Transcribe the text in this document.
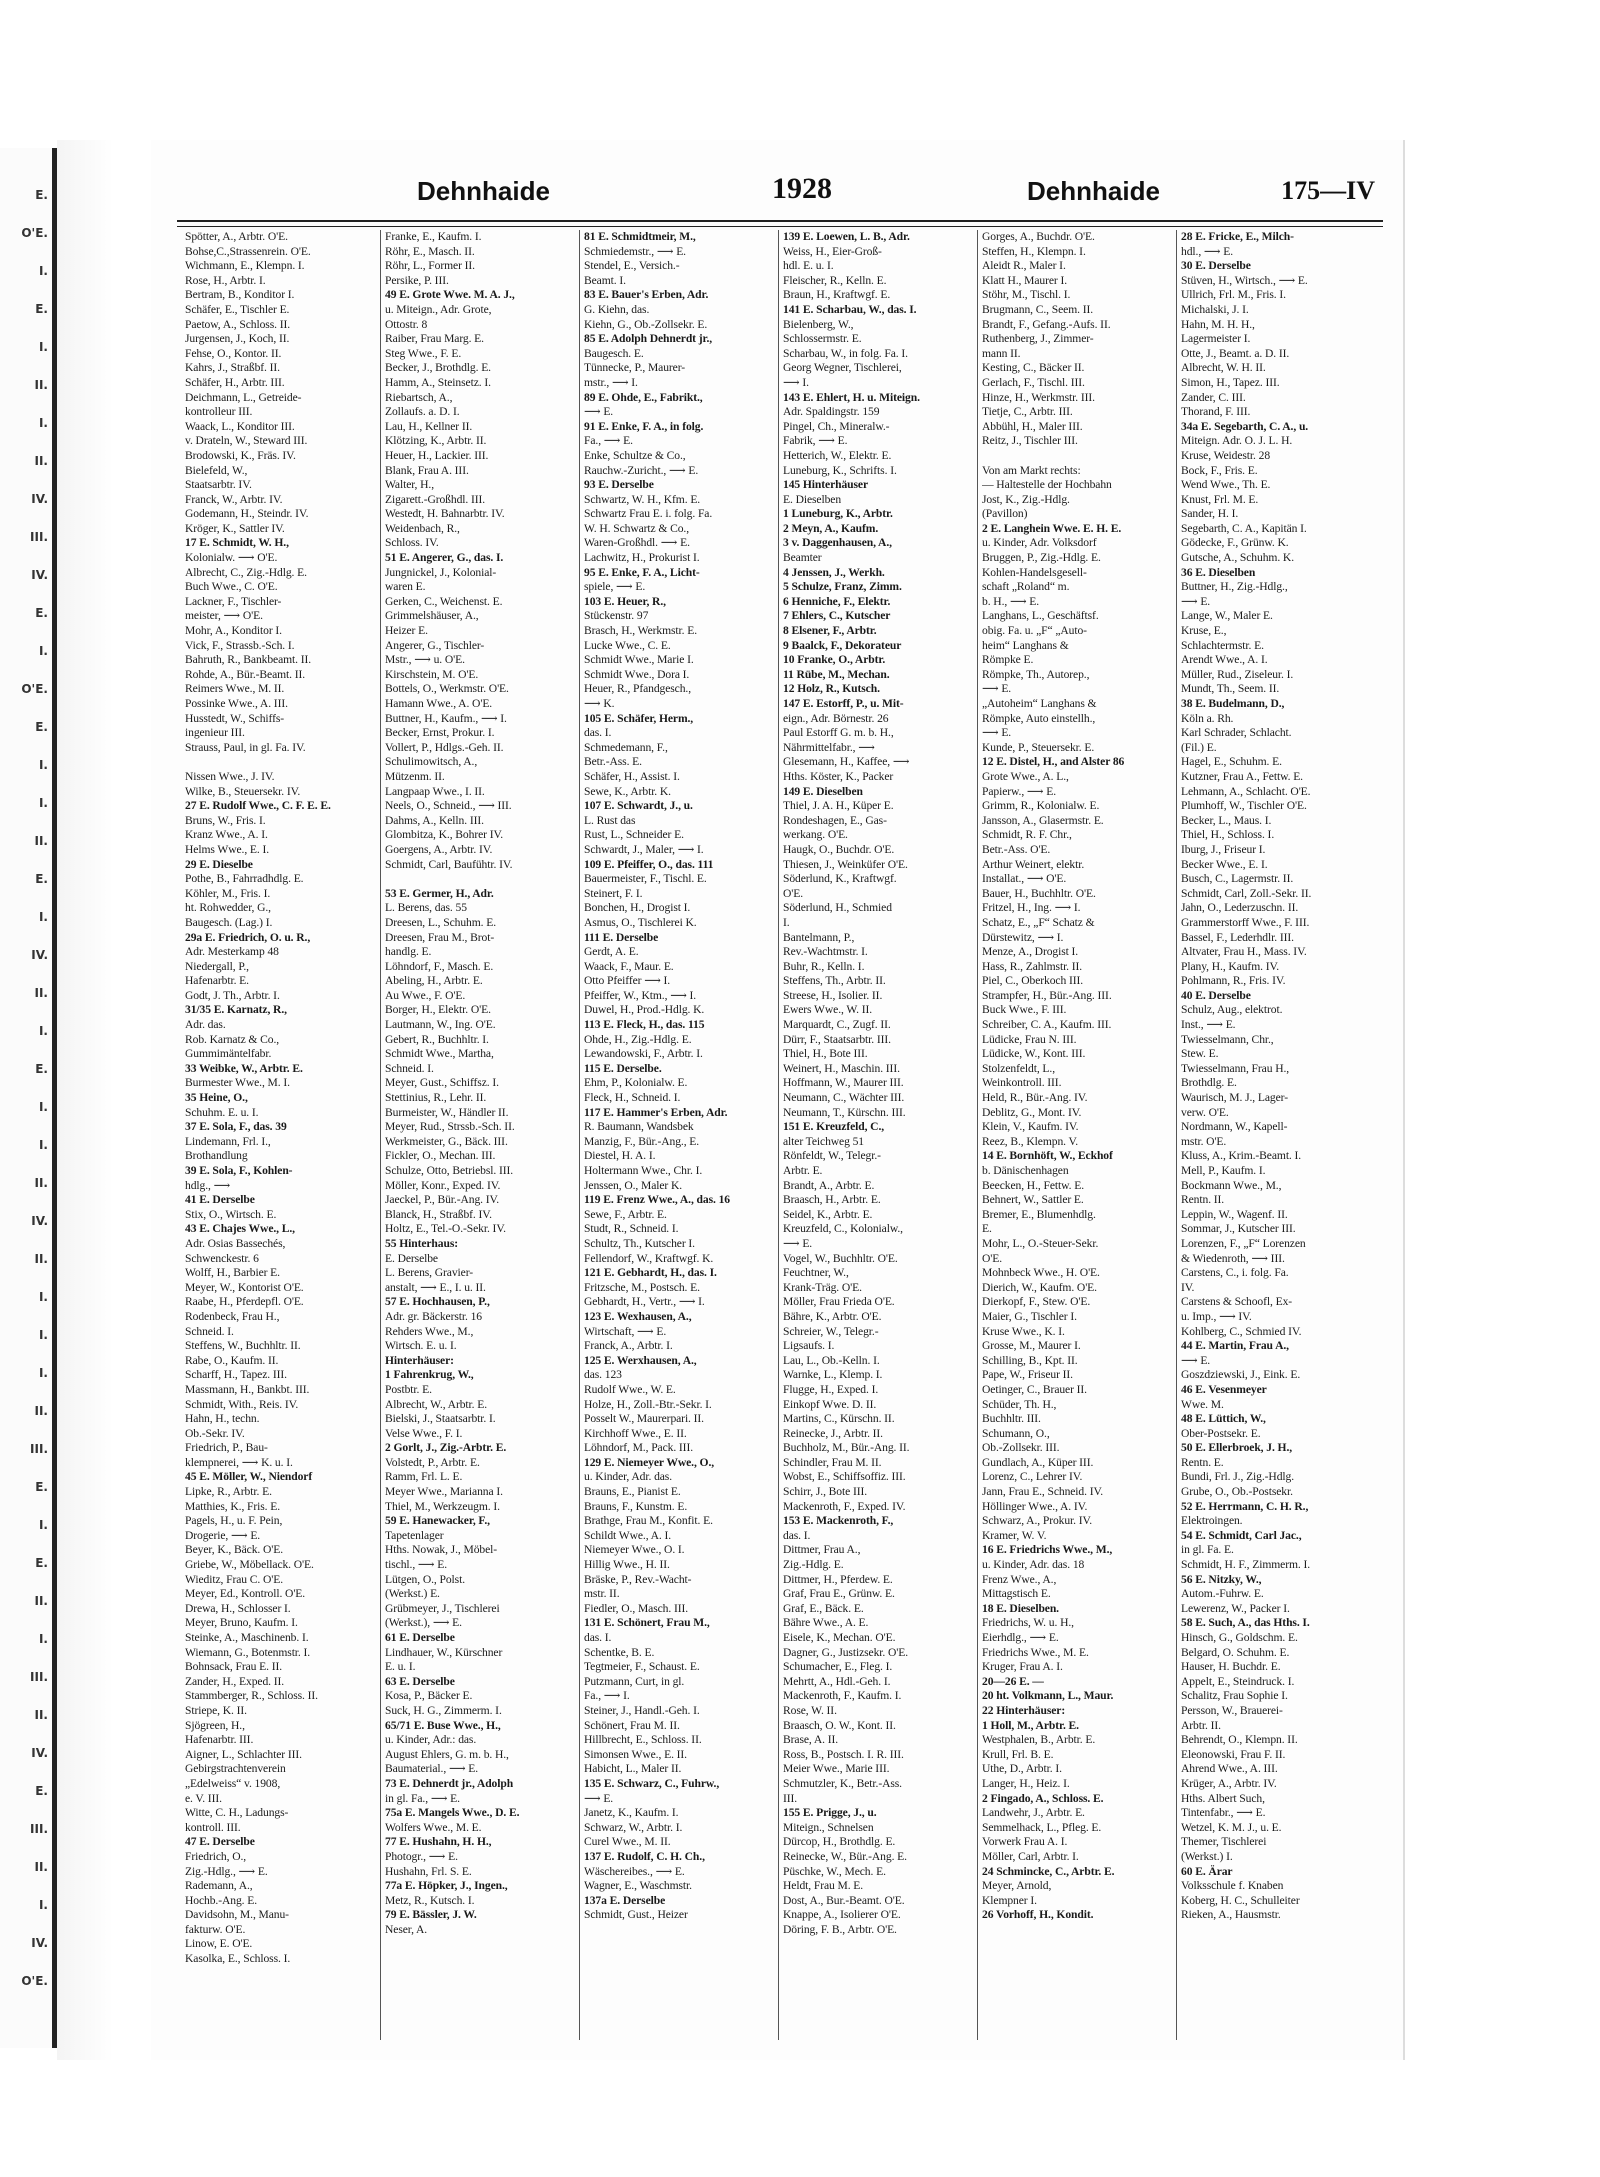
E.
O'E.
I.
E.
I.
II.
I.
II.
IV.
III.
IV.
E.
I.
O'E.
E.
I.
I.
II.
E.
I.
IV.
II.
I.
E.
I.
I.
II.
IV.
II.
I.
I.
I.
II.
III.
E.
I.
E.
II.
I.
III.
II.
IV.
E.
III.
II.
I.
IV.
O'E.
Dehnhaide	1928	Dehnhaide	175—IV
Spötter, A., Arbtr. O'E.
Bohse,C.,Strassenrein. O'E.
Wichmann, E., Klempn. I.
Rose, H., Arbtr. I.
Bertram, B., Konditor I.
Schäfer, E., Tischler E.
Paetow, A., Schloss. II.
Jurgensen, J., Koch, II.
Fehse, O., Kontor. II.
Kahrs, J., Straßbf. II.
Schäfer, H., Arbtr. III.
Deichmann, L., Getreide-
kontrolleur III.
Waack, L., Konditor III.
v. Drateln, W., Steward III.
Brodowski, K., Fräs. IV.
Bielefeld, W.,
Staatsarbtr. IV.
Franck, W., Arbtr. IV.
Godemann, H., Steindr. IV.
Kröger, K., Sattler IV.
17 E. Schmidt, W. H.,
Kolonialw. ⟶ O'E.
Albrecht, C., Zig.-Hdlg. E.
Buch Wwe., C. O'E.
Lackner, F., Tischler-
meister, ⟶ O'E.
Mohr, A., Konditor I.
Vick, F., Strassb.-Sch. I.
Bahruth, R., Bankbeamt. II.
Rohde, A., Bür.-Beamt. II.
Reimers Wwe., M. II.
Possinke Wwe., A. III.
Husstedt, W., Schiffs-
ingenieur III.
Strauss, Paul, in gl. Fa. IV.

Nissen Wwe., J. IV.
Wilke, B., Steuersekr. IV.
27 E. Rudolf Wwe., C. F. E. E.
Bruns, W., Fris. I.
Kranz Wwe., A. I.
Helms Wwe., E. I.
29 E. Dieselbe
Pothe, B., Fahrradhdlg. E.
Köhler, M., Fris. I.
ht. Rohwedder, G.,
Baugesch. (Lag.) I.
29a E. Friedrich, O. u. R.,
Adr. Mesterkamp 48
Niedergall, P.,
Hafenarbtr. E.
Godt, J. Th., Arbtr. I.
31/35 E. Karnatz, R.,
Adr. das.
Rob. Karnatz & Co.,
Gummimäntelfabr.
33 Weibke, W., Arbtr. E.
Burmester Wwe., M. I.
35 Heine, O.,
Schuhm. E. u. I.
37 E. Sola, F., das. 39
Lindemann, Frl. I.,
Brothandlung
39 E. Sola, F., Kohlen-
hdlg., ⟶
41 E. Derselbe
Stix, O., Wirtsch. E.
43 E. Chajes Wwe., L.,
Adr. Osias Bassechés,
Schwenckestr. 6
Wolff, H., Barbier E.
Meyer, W., Kontorist O'E.
Raabe, H., Pferdepfl. O'E.
Rodenbeck, Frau H.,
Schneid. I.
Steffens, W., Buchhltr. II.
Rabe, O., Kaufm. II.
Scharff, H., Tapez. III.
Massmann, H., Bankbt. III.
Schmidt, With., Reis. IV.
Hahn, H., techn.
Ob.-Sekr. IV.
Friedrich, P., Bau-
klempnerei, ⟶ K. u. I.
45 E. Möller, W., Niendorf
Lipke, R., Arbtr. E.
Matthies, K., Fris. E.
Pagels, H., u. F. Pein,
Drogerie, ⟶ E.
Beyer, K., Bäck. O'E.
Griebe, W., Möbellack. O'E.
Wieditz, Frau C. O'E.
Meyer, Ed., Kontroll. O'E.
Drewa, H., Schlosser I.
Meyer, Bruno, Kaufm. I.
Steinke, A., Maschinenb. I.
Wiemann, G., Botenmstr. I.
Bohnsack, Frau E. II.
Zander, H., Exped. II.
Stammberger, R., Schloss. II.
Striepe, K. II.
Sjögreen, H.,
Hafenarbtr. III.
Aigner, L., Schlachter III.
Gebirgstrachtenverein
„Edelweiss“ v. 1908,
e. V. III.
Witte, C. H., Ladungs-
kontroll. III.
47 E. Derselbe
Friedrich, O.,
Zig.-Hdlg., ⟶ E.
Rademann, A.,
Hochb.-Ang. E.
Davidsohn, M., Manu-
fakturw. O'E.
Linow, E. O'E.
Kasolka, E., Schloss. I.
Franke, E., Kaufm. I.
Röhr, E., Masch. II.
Röhr, L., Former II.
Persike, P. III.
49 E. Grote Wwe. M. A. J.,
u. Miteign., Adr. Grote,
Ottostr. 8
Raiber, Frau Marg. E.
Steg Wwe., F. E.
Becker, J., Brothdlg. E.
Hamm, A., Steinsetz. I.
Riebartsch, A.,
Zollaufs. a. D. I.
Lau, H., Kellner II.
Klötzing, K., Arbtr. II.
Heuer, H., Lackier. III.
Blank, Frau A. III.
Walter, H.,
Zigarett.-Großhdl. III.
Westedt, H. Bahnarbtr. IV.
Weidenbach, R.,
Schloss. IV.
51 E. Angerer, G., das. I.
Jungnickel, J., Kolonial-
waren E.
Gerken, C., Weichenst. E.
Grimmelshäuser, A.,
Heizer E.
Angerer, G., Tischler-
Mstr., ⟶ u. O'E.
Kirschstein, M. O'E.
Bottels, O., Werkmstr. O'E.
Hamann Wwe., A. O'E.
Buttner, H., Kaufm., ⟶ I.
Becker, Ernst, Prokur. I.
Vollert, P., Hdlgs.-Geh. II.
Schulimowitsch, A.,
Mützenm. II.
Langpaap Wwe., I. II.
Neels, O., Schneid., ⟶ III.
Dahms, A., Kelln. III.
Glombitza, K., Bohrer IV.
Goergens, A., Arbtr. IV.
Schmidt, Carl, Baufühtr. IV.

53 E. Germer, H., Adr.
L. Berens, das. 55
Dreesen, L., Schuhm. E.
Dreesen, Frau M., Brot-
handlg. E.
Löhndorf, F., Masch. E.
Abeling, H., Arbtr. E.
Au Wwe., F. O'E.
Borger, H., Elektr. O'E.
Lautmann, W., Ing. O'E.
Gebert, R., Buchhltr. I.
Schmidt Wwe., Martha,
Schneid. I.
Meyer, Gust., Schiffsz. I.
Stettinius, R., Lehr. II.
Burmeister, W., Händler II.
Meyer, Rud., Strssb.-Sch. II.
Werkmeister, G., Bäck. III.
Fickler, O., Mechan. III.
Schulze, Otto, Betriebsl. III.
Möller, Konr., Exped. IV.
Jaeckel, P., Bür.-Ang. IV.
Blanck, H., Straßbf. IV.
Holtz, E., Tel.-O.-Sekr. IV.
55 Hinterhaus:
E. Derselbe
L. Berens, Gravier-
anstalt, ⟶ E., I. u. II.
57 E. Hochhausen, P.,
Adr. gr. Bäckerstr. 16
Rehders Wwe., M.,
Wirtsch. E. u. I.
Hinterhäuser:
1 Fahrenkrug, W.,
Postbtr. E.
Albrecht, W., Arbtr. E.
Bielski, J., Staatsarbtr. I.
Velse Wwe., F. I.
2 Gorlt, J., Zig.-Arbtr. E.
Volstedt, P., Arbtr. E.
Ramm, Frl. L. E.
Meyer Wwe., Marianna I.
Thiel, M., Werkzeugm. I.
59 E. Hanewacker, F.,
Tapetenlager
Hths. Nowak, J., Möbel-
tischl., ⟶ E.
Lütgen, O., Polst.
(Werkst.) E.
Grübmeyer, J., Tischlerei
(Werkst.), ⟶ E.
61 E. Derselbe
Lindhauer, W., Kürschner
E. u. I.
63 E. Derselbe
Kosa, P., Bäcker E.
Suck, H. G., Zimmerm. I.
65/71 E. Buse Wwe., H.,
u. Kinder, Adr.: das.
August Ehlers, G. m. b. H.,
Baumaterial., ⟶ E.
73 E. Dehnerdt jr., Adolph
in gl. Fa., ⟶ E.
75a E. Mangels Wwe., D. E.
Wolfers Wwe., M. E.
77 E. Hushahn, H. H.,
Photogr., ⟶ E.
Hushahn, Frl. S. E.
77a E. Höpker, J., Ingen.,
Metz, R., Kutsch. I.
79 E. Bässler, J. W.
Neser, A.
81 E. Schmidtmeir, M.,
Schmiedemstr., ⟶ E.
Stendel, E., Versich.-
Beamt. I.
83 E. Bauer's Erben, Adr.
G. Kiehn, das.
Kiehn, G., Ob.-Zollsekr. E.
85 E. Adolph Dehnerdt jr.,
Baugesch. E.
Tünnecke, P., Maurer-
mstr., ⟶ I.
89 E. Ohde, E., Fabrikt.,
⟶ E.
91 E. Enke, F. A., in folg.
Fa., ⟶ E.
Enke, Schultze & Co.,
Rauchw.-Zuricht., ⟶ E.
93 E. Derselbe
Schwartz, W. H., Kfm. E.
Schwartz Frau E. i. folg. Fa.
W. H. Schwartz & Co.,
Waren-Großhdl. ⟶ E.
Lachwitz, H., Prokurist I.
95 E. Enke, F. A., Licht-
spiele, ⟶ E.
103 E. Heuer, R.,
Stückenstr. 97
Brasch, H., Werkmstr. E.
Lucke Wwe., C. E.
Schmidt Wwe., Marie I.
Schmidt Wwe., Dora I.
Heuer, R., Pfandgesch.,
⟶ K.
105 E. Schäfer, Herm.,
das. I.
Schmedemann, F.,
Betr.-Ass. E.
Schäfer, H., Assist. I.
Sewe, K., Arbtr. K.
107 E. Schwardt, J., u.
L. Rust das
Rust, L., Schneider E.
Schwardt, J., Maler, ⟶ I.
109 E. Pfeiffer, O., das. 111
Bauermeister, F., Tischl. E.
Steinert, F. I.
Bonchen, H., Drogist I.
Asmus, O., Tischlerei K.
111 E. Derselbe
Gerdt, A. E.
Waack, F., Maur. E.
Otto Pfeiffer ⟶ I.
Pfeiffer, W., Ktm., ⟶ I.
Duwel, H., Prod.-Hdlg. K.
113 E. Fleck, H., das. 115
Ohde, H., Zig.-Hdlg. E.
Lewandowski, F., Arbtr. I.
115 E. Derselbe.
Ehm, P., Kolonialw. E.
Fleck, H., Schneid. I.
117 E. Hammer's Erben, Adr.
R. Baumann, Wandsbek
Manzig, F., Bür.-Ang., E.
Diestel, H. A. I.
Holtermann Wwe., Chr. I.
Jenssen, O., Maler K.
119 E. Frenz Wwe., A., das. 16
Sewe, F., Arbtr. E.
Studt, R., Schneid. I.
Schultz, Th., Kutscher I.
Fellendorf, W., Kraftwgf. K.
121 E. Gebhardt, H., das. I.
Fritzsche, M., Postsch. E.
Gebhardt, H., Vertr., ⟶ I.
123 E. Wexhausen, A.,
Wirtschaft, ⟶ E.
Franck, A., Arbtr. I.
125 E. Werxhausen, A.,
das. 123
Rudolf Wwe., W. E.
Holze, H., Zoll.-Btr.-Sekr. I.
Posselt W., Maurerpari. II.
Kirchhoff Wwe., E. II.
Löhndorf, M., Pack. III.
129 E. Niemeyer Wwe., O.,
u. Kinder, Adr. das.
Brauns, E., Pianist E.
Brauns, F., Kunstm. E.
Brathge, Frau M., Konfit. E.
Schildt Wwe., A. I.
Niemeyer Wwe., O. I.
Hillig Wwe., H. II.
Bräske, P., Rev.-Wacht-
mstr. II.
Fiedler, O., Masch. III.
131 E. Schönert, Frau M.,
das. I.
Schentke, B. E.
Tegtmeier, F., Schaust. E.
Putzmann, Curt, in gl.
Fa., ⟶ I.
Steiner, J., Handl.-Geh. I.
Schönert, Frau M. II.
Hillbrecht, E., Schloss. II.
Simonsen Wwe., E. II.
Habicht, L., Maler II.
135 E. Schwarz, C., Fuhrw.,
⟶ E.
Janetz, K., Kaufm. I.
Schwarz, W., Arbtr. I.
Curel Wwe., M. II.
137 E. Rudolf, C. H. Ch.,
Wäschereibes., ⟶ E.
Wagner, E., Waschmstr.
137a E. Derselbe
Schmidt, Gust., Heizer
139 E. Loewen, L. B., Adr.
Weiss, H., Eier-Groß-
hdl. E. u. I.
Fleischer, R., Kelln. E.
Braun, H., Kraftwgf. E.
141 E. Scharbau, W., das. I.
Bielenberg, W.,
Schlossermstr. E.
Scharbau, W., in folg. Fa. I.
Georg Wegner, Tischlerei,
⟶ I.
143 E. Ehlert, H. u. Miteign.
Adr. Spaldingstr. 159
Pingel, Ch., Mineralw.-
Fabrik, ⟶ E.
Hetterich, W., Elektr. E.
Luneburg, K., Schrifts. I.
145 Hinterhäuser
E. Dieselben
1 Luneburg, K., Arbtr.
2 Meyn, A., Kaufm.
3 v. Daggenhausen, A.,
Beamter
4 Jenssen, J., Werkh.
5 Schulze, Franz, Zimm.
6 Henniche, F., Elektr.
7 Ehlers, C., Kutscher
8 Elsener, F., Arbtr.
9 Baalck, F., Dekorateur
10 Franke, O., Arbtr.
11 Rübe, M., Mechan.
12 Holz, R., Kutsch.
147 E. Estorff, P., u. Mit-
eign., Adr. Börnestr. 26
Paul Estorff G. m. b. H.,
Nährmittelfabr., ⟶
Glesemann, H., Kaffee, ⟶
Hths. Köster, K., Packer
149 E. Dieselben
Thiel, J. A. H., Küper E.
Rondeshagen, E., Gas-
werkang. O'E.
Haugk, O., Buchdr. O'E.
Thiesen, J., Weinküfer O'E.
Söderlund, K., Kraftwgf.
O'E.
Söderlund, H., Schmied
I.
Bantelmann, P.,
Rev.-Wachtmstr. I.
Buhr, R., Kelln. I.
Steffens, Th., Arbtr. II.
Streese, H., Isolier. II.
Ewers Wwe., W. II.
Marquardt, C., Zugf. II.
Dürr, F., Staatsarbtr. III.
Thiel, H., Bote III.
Weinert, H., Maschin. III.
Hoffmann, W., Maurer III.
Neumann, C., Wächter III.
Neumann, T., Kürschn. III.
151 E. Kreuzfeld, C.,
alter Teichweg 51
Rönfeldt, W., Telegr.-
Arbtr. E.
Brandt, A., Arbtr. E.
Braasch, H., Arbtr. E.
Seidel, K., Arbtr. E.
Kreuzfeld, C., Kolonialw.,
⟶ E.
Vogel, W., Buchhltr. O'E.
Feuchtner, W.,
Krank-Träg. O'E.
Möller, Frau Frieda O'E.
Bähre, K., Arbtr. O'E.
Schreier, W., Telegr.-
Ligsaufs. I.
Lau, L., Ob.-Kelln. I.
Warnke, L., Klemp. I.
Flugge, H., Exped. I.
Einkopf Wwe. D. II.
Martins, C., Kürschn. II.
Reinecke, J., Arbtr. II.
Buchholz, M., Bür.-Ang. II.
Schindler, Frau M. II.
Wobst, E., Schiffsoffiz. III.
Schirr, J., Bote III.
Mackenroth, F., Exped. IV.
153 E. Mackenroth, F.,
das. I.
Dittmer, Frau A.,
Zig.-Hdlg. E.
Dittmer, H., Pferdew. E.
Graf, Frau E., Grünw. E.
Graf, E., Bäck. E.
Bähre Wwe., A. E.
Eisele, K., Mechan. O'E.
Dagner, G., Justizsekr. O'E.
Schumacher, E., Fleg. I.
Mehrtt, A., Hdl.-Geh. I.
Mackenroth, F., Kaufm. I.
Rose, W. II.
Braasch, O. W., Kont. II.
Brase, A. II.
Ross, B., Postsch. I. R. III.
Meier Wwe., Marie III.
Schmutzler, K., Betr.-Ass.
III.
155 E. Prigge, J., u.
Miteign., Schnelsen
Dürcop, H., Brothdlg. E.
Reinecke, W., Bür.-Ang. E.
Püschke, W., Mech. E.
Heldt, Frau M. E.
Dost, A., Bur.-Beamt. O'E.
Knappe, A., Isolierer O'E.
Döring, F. B., Arbtr. O'E.
Gorges, A., Buchdr. O'E.
Steffen, H., Klempn. I.
Aleidt R., Maler I.
Klatt H., Maurer I.
Stöhr, M., Tischl. I.
Brugmann, C., Seem. II.
Brandt, F., Gefang.-Aufs. II.
Ruthenberg, J., Zimmer-
mann II.
Kesting, C., Bäcker II.
Gerlach, F., Tischl. III.
Hinze, H., Werkmstr. III.
Tietje, C., Arbtr. III.
Abbühl, H., Maler III.
Reitz, J., Tischler III.

Von am Markt rechts:
— Haltestelle der Hochbahn
Jost, K., Zig.-Hdlg.
(Pavillon)
2 E. Langhein Wwe. E. H. E.
u. Kinder, Adr. Volksdorf
Bruggen, P., Zig.-Hdlg. E.
Kohlen-Handelsgesell-
schaft „Roland“ m.
b. H., ⟶ E.
Langhans, L., Geschäftsf.
obig. Fa. u. „F“ „Auto-
heim“ Langhans &
Römpke E.
Römpke, Th., Autorep.,
⟶ E.
„Autoheim“ Langhans &
Römpke, Auto einstellh.,
⟶ E.
Kunde, P., Steuersekr. E.
12 E. Distel, H., and Alster 86
Grote Wwe., A. L.,
Papierw., ⟶ E.
Grimm, R., Kolonialw. E.
Jansson, A., Glasermstr. E.
Schmidt, R. F. Chr.,
Betr.-Ass. O'E.
Arthur Weinert, elektr.
Installat., ⟶ O'E.
Bauer, H., Buchhltr. O'E.
Fritzel, H., Ing. ⟶ I.
Schatz, E., „F“ Schatz &
Dürstewitz, ⟶ I.
Menze, A., Drogist I.
Hass, R., Zahlmstr. II.
Piel, C., Oberkoch III.
Strampfer, H., Bür.-Ang. III.
Buck Wwe., F. III.
Schreiber, C. A., Kaufm. III.
Lüdicke, Frau N. III.
Lüdicke, W., Kont. III.
Stolzenfeldt, L.,
Weinkontroll. III.
Held, R., Bür.-Ang. IV.
Deblitz, G., Mont. IV.
Klein, V., Kaufm. IV.
Reez, B., Klempn. V.
14 E. Bornhöft, W., Eckhof
b. Dänischenhagen
Beecken, H., Fettw. E.
Behnert, W., Sattler E.
Bremer, E., Blumenhdlg.
E.
Mohr, L., O.-Steuer-Sekr.
O'E.
Mohnbeck Wwe., H. O'E.
Dierich, W., Kaufm. O'E.
Dierkopf, F., Stew. O'E.
Maier, G., Tischler I.
Kruse Wwe., K. I.
Grosse, M., Maurer I.
Schilling, B., Kpt. II.
Pape, W., Friseur II.
Oetinger, C., Brauer II.
Schüder, Th. H.,
Buchhltr. III.
Schumann, O.,
Ob.-Zollsekr. III.
Gundlach, A., Küper III.
Lorenz, C., Lehrer IV.
Jann, Frau E., Schneid. IV.
Höllinger Wwe., A. IV.
Schwarz, A., Prokur. IV.
Kramer, W. V.
16 E. Friedrichs Wwe., M.,
u. Kinder, Adr. das. 18
Frenz Wwe., A.,
Mittagstisch E.
18 E. Dieselben.
Friedrichs, W. u. H.,
Eierhdlg., ⟶ E.
Friedrichs Wwe., M. E.
Kruger, Frau A. I.
20—26 E. —
20 ht. Volkmann, L., Maur.
22 Hinterhäuser:
1 Holl, M., Arbtr. E.
Westphalen, B., Arbtr. E.
Krull, Frl. B. E.
Uthe, D., Arbtr. I.
Langer, H., Heiz. I.
2 Fingado, A., Schloss. E.
Landwehr, J., Arbtr. E.
Semmelhack, L., Pfleg. E.
Vorwerk Frau A. I.
Möller, Carl, Arbtr. I.
24 Schmincke, C., Arbtr. E.
Meyer, Arnold,
Klempner I.
26 Vorhoff, H., Kondit.
28 E. Fricke, E., Milch-
hdl., ⟶ E.
30 E. Derselbe
Stüven, H., Wirtsch., ⟶ E.
Ullrich, Frl. M., Fris. I.
Michalski, J. I.
Hahn, M. H. H.,
Lagermeister I.
Otte, J., Beamt. a. D. II.
Albrecht, W. H. II.
Simon, H., Tapez. III.
Zander, C. III.
Thorand, F. III.
34a E. Segebarth, C. A., u.
Miteign. Adr. O. J. L. H.
Kruse, Weidestr. 28
Bock, F., Fris. E.
Wend Wwe., Th. E.
Knust, Frl. M. E.
Sander, H. I.
Segebarth, C. A., Kapitän I.
Gödecke, F., Grünw. K.
Gutsche, A., Schuhm. K.
36 E. Dieselben
Buttner, H., Zig.-Hdlg.,
⟶ E.
Lange, W., Maler E.
Kruse, E.,
Schlachtermstr. E.
Arendt Wwe., A. I.
Müller, Rud., Ziseleur. I.
Mundt, Th., Seem. II.
38 E. Budelmann, D.,
Köln a. Rh.
Karl Schrader, Schlacht.
(Fil.) E.
Hagel, E., Schuhm. E.
Kutzner, Frau A., Fettw. E.
Lehmann, A., Schlacht. O'E.
Plumhoff, W., Tischler O'E.
Becker, L., Maus. I.
Thiel, H., Schloss. I.
Iburg, J., Friseur I.
Becker Wwe., E. I.
Busch, C., Lagermstr. II.
Schmidt, Carl, Zoll.-Sekr. II.
Jahn, O., Lederzuschn. II.
Grammerstorff Wwe., F. III.
Bassel, F., Lederhdlr. III.
Altvater, Frau H., Mass. IV.
Plany, H., Kaufm. IV.
Pohlmann, R., Fris. IV.
40 E. Derselbe
Schulz, Aug., elektrot.
Inst., ⟶ E.
Twiesselmann, Chr.,
Stew. E.
Twiesselmann, Frau H.,
Brothdlg. E.
Waurisch, M. J., Lager-
verw. O'E.
Nordmann, W., Kapell-
mstr. O'E.
Kluss, A., Krim.-Beamt. I.
Mell, P., Kaufm. I.
Bockmann Wwe., M.,
Rentn. II.
Leppin, W., Wagenf. II.
Sommar, J., Kutscher III.
Lorenzen, F., „F“ Lorenzen
& Wiedenroth, ⟶ III.
Carstens, C., i. folg. Fa.
IV.
Carstens & Schoofl, Ex-
u. Imp., ⟶ IV.
Kohlberg, C., Schmied IV.
44 E. Martin, Frau A.,
⟶ E.
Goszdziewski, J., Eink. E.
46 E. Vesenmeyer
Wwe. M.
48 E. Lüttich, W.,
Ober-Postsekr. E.
50 E. Ellerbroek, J. H.,
Rentn. E.
Bundi, Frl. J., Zig.-Hdlg.
Grube, O., Ob.-Postsekr.
52 E. Herrmann, C. H. R.,
Elektroingen.
54 E. Schmidt, Carl Jac.,
in gl. Fa. E.
Schmidt, H. F., Zimmerm. I.
56 E. Nitzky, W.,
Autom.-Fuhrw. E.
Lewerenz, W., Packer I.
58 E. Such, A., das Hths. I.
Hinsch, G., Goldschm. E.
Belgard, O. Schuhm. E.
Hauser, H. Buchdr. E.
Appelt, E., Steindruck. I.
Schalitz, Frau Sophie I.
Persson, W., Brauerei-
Arbtr. II.
Behrendt, O., Klempn. II.
Eleonowski, Frau F. II.
Ahrend Wwe., A. III.
Krüger, A., Arbtr. IV.
Hths. Albert Such,
Tintenfabr., ⟶ E.
Wetzel, K. M. J., u. E.
Themer, Tischlerei
(Werkst.) I.
60 E. Ärar
Volksschule f. Knaben
Koberg, H. C., Schulleiter
Rieken, A., Hausmstr.
